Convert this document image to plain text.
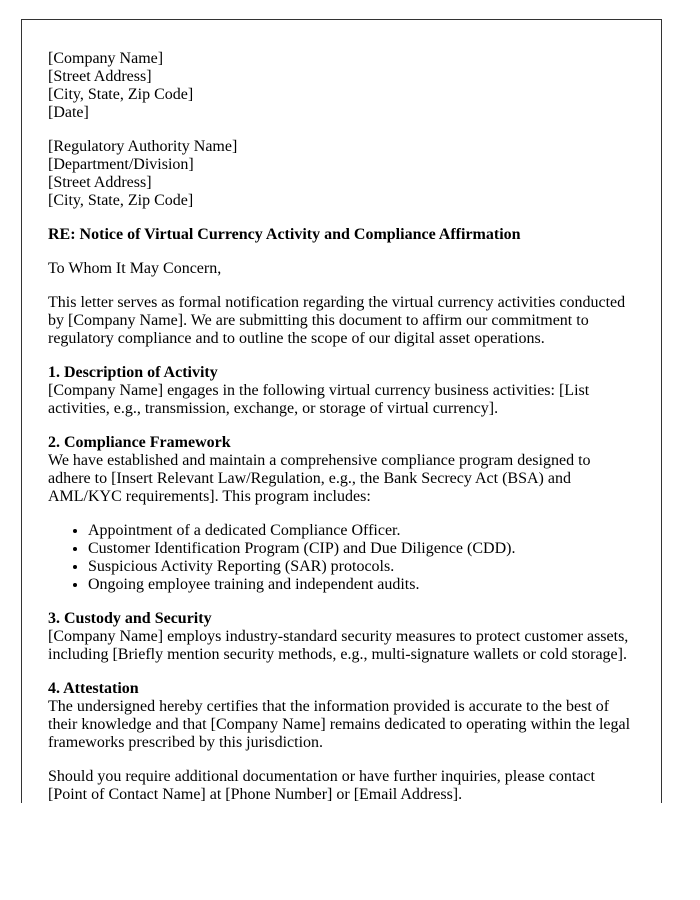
[Company Name]
[Street Address]
[City, State, Zip Code]
[Date]
[Regulatory Authority Name]
[Department/Division]
[Street Address]
[City, State, Zip Code]
RE: Notice of Virtual Currency Activity and Compliance Affirmation
To Whom It May Concern,
This letter serves as formal notification regarding the virtual currency activities conducted by [Company Name]. We are submitting this document to affirm our commitment to regulatory compliance and to outline the scope of our digital asset operations.
1. Description of Activity
[Company Name] engages in the following virtual currency business activities: [List activities, e.g., transmission, exchange, or storage of virtual currency].
2. Compliance Framework
We have established and maintain a comprehensive compliance program designed to adhere to [Insert Relevant Law/Regulation, e.g., the Bank Secrecy Act (BSA) and AML/KYC requirements]. This program includes:
• Appointment of a dedicated Compliance Officer.
• Customer Identification Program (CIP) and Due Diligence (CDD).
• Suspicious Activity Reporting (SAR) protocols.
• Ongoing employee training and independent audits.
3. Custody and Security
[Company Name] employs industry-standard security measures to protect customer assets, including [Briefly mention security methods, e.g., multi-signature wallets or cold storage].
4. Attestation
The undersigned hereby certifies that the information provided is accurate to the best of their knowledge and that [Company Name] remains dedicated to operating within the legal frameworks prescribed by this jurisdiction.
Should you require additional documentation or have further inquiries, please contact [Point of Contact Name] at [Phone Number] or [Email Address].
